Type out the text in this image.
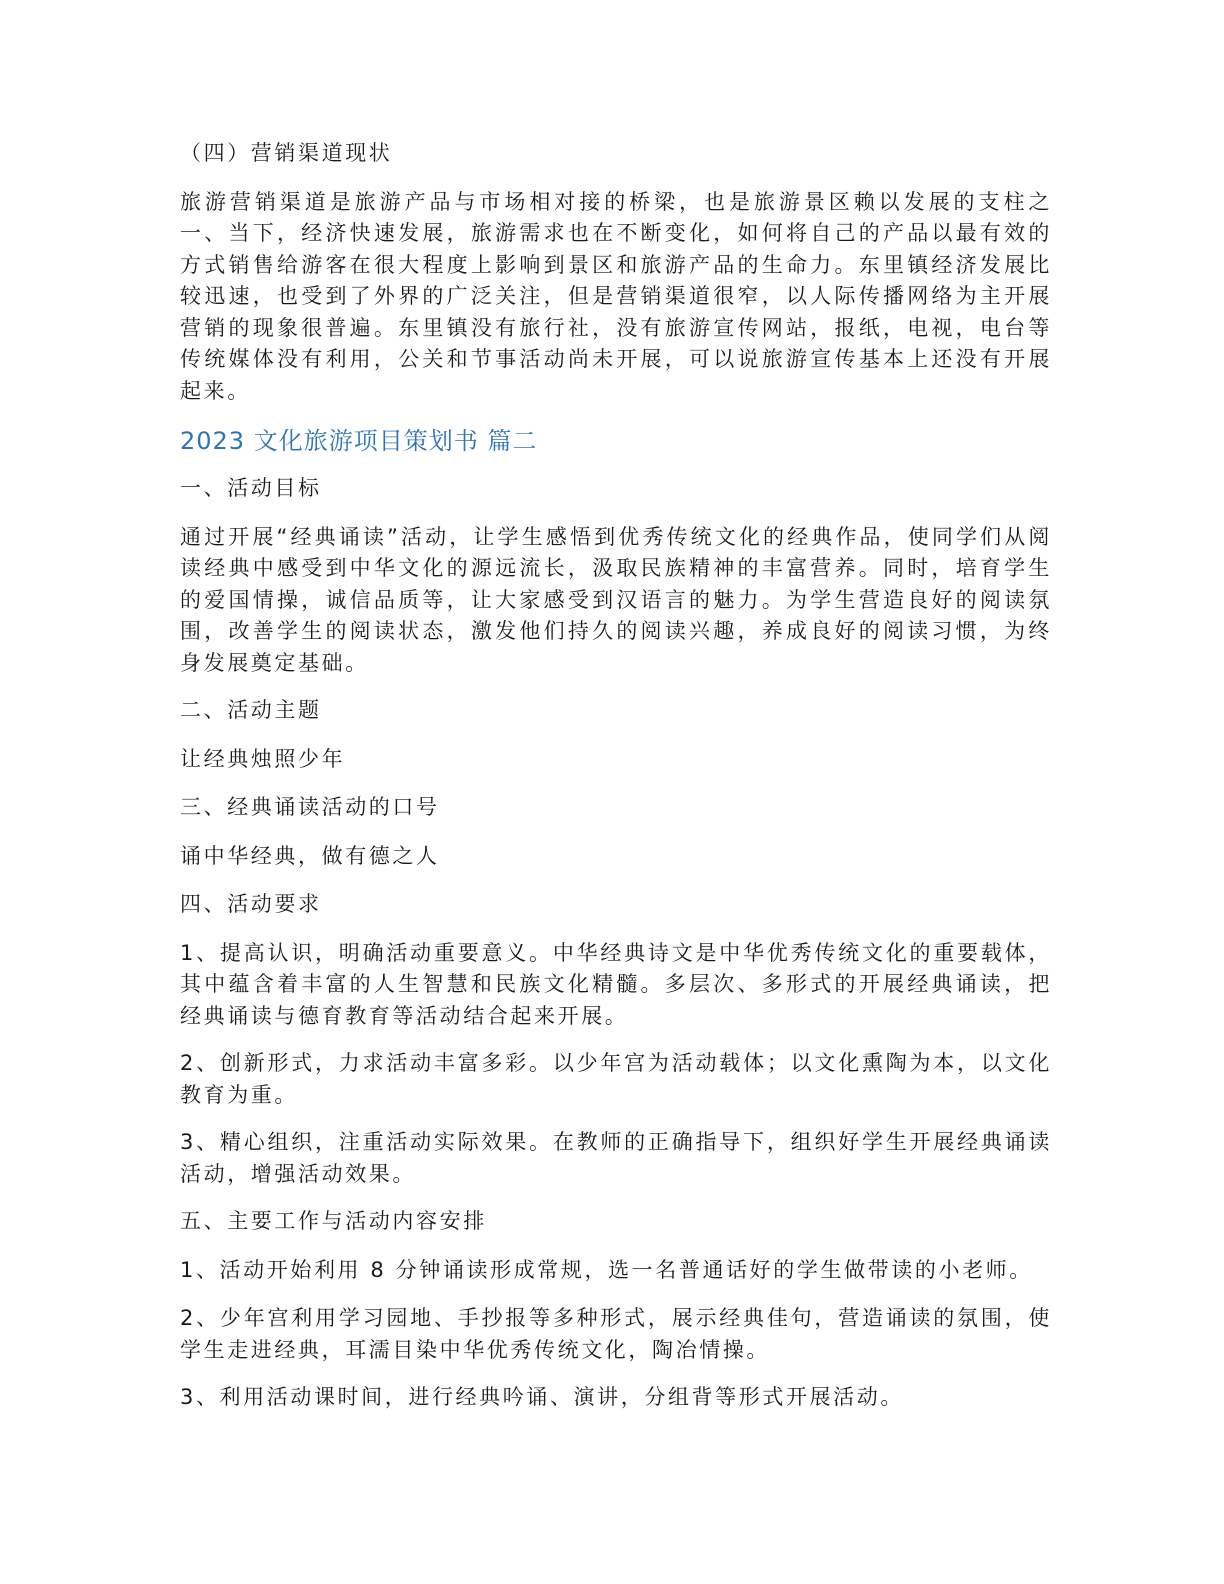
（四）营销渠道现状

旅游营销渠道是旅游产品与市场相对接的桥梁，也是旅游景区赖以发展的支柱之一、当下，经济快速发展，旅游需求也在不断变化，如何将自己的产品以最有效的方式销售给游客在很大程度上影响到景区和旅游产品的生命力。东里镇经济发展比较迅速，也受到了外界的广泛关注，但是营销渠道很窄，以人际传播网络为主开展营销的现象很普遍。东里镇没有旅行社，没有旅游宣传网站，报纸，电视，电台等传统媒体没有利用，公关和节事活动尚未开展，可以说旅游宣传基本上还没有开展起来。

2023 文化旅游项目策划书 篇二

一、活动目标

通过开展“经典诵读”活动，让学生感悟到优秀传统文化的经典作品，使同学们从阅读经典中感受到中华文化的源远流长，汲取民族精神的丰富营养。同时，培育学生的爱国情操，诚信品质等，让大家感受到汉语言的魅力。为学生营造良好的阅读氛围，改善学生的阅读状态，激发他们持久的阅读兴趣，养成良好的阅读习惯，为终身发展奠定基础。

二、活动主题

让经典烛照少年

三、经典诵读活动的口号

诵中华经典，做有德之人

四、活动要求

1、提高认识，明确活动重要意义。中华经典诗文是中华优秀传统文化的重要载体，其中蕴含着丰富的人生智慧和民族文化精髓。多层次、多形式的开展经典诵读，把经典诵读与德育教育等活动结合起来开展。

2、创新形式，力求活动丰富多彩。以少年宫为活动载体；以文化熏陶为本，以文化教育为重。

3、精心组织，注重活动实际效果。在教师的正确指导下，组织好学生开展经典诵读活动，增强活动效果。

五、主要工作与活动内容安排

1、活动开始利用 8 分钟诵读形成常规，选一名普通话好的学生做带读的小老师。

2、少年宫利用学习园地、手抄报等多种形式，展示经典佳句，营造诵读的氛围，使学生走进经典，耳濡目染中华优秀传统文化，陶冶情操。

3、利用活动课时间，进行经典吟诵、演讲，分组背等形式开展活动。
